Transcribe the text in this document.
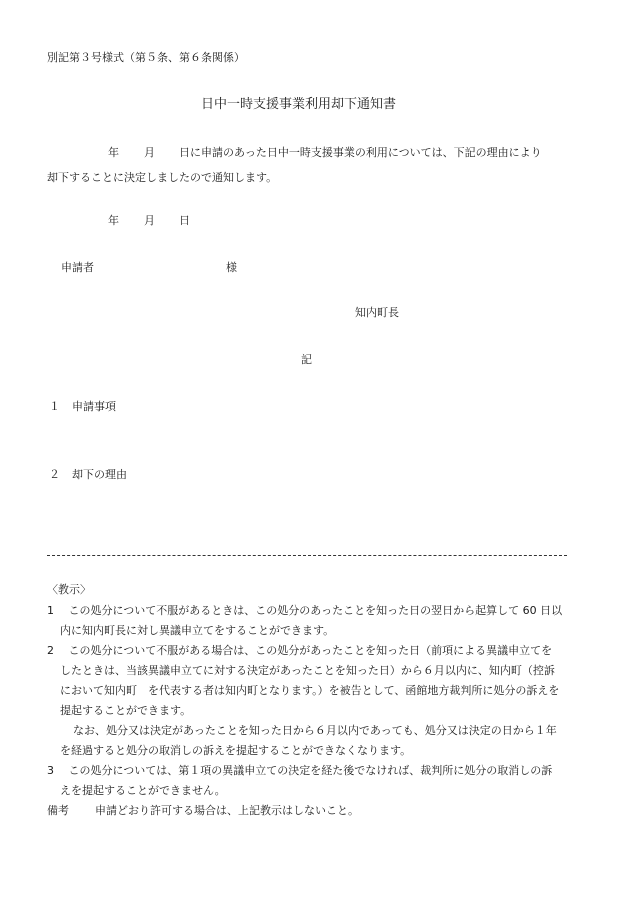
別記第３号様式（第５条、第６条関係）
日中一時支援事業利用却下通知書
年 月 日に申請のあった日中一時支援事業の利用については、下記の理由により
却下することに決定しましたので通知します。
年 月 日
申請者	様
知内町長
記
１ 申請事項
２ 却下の理由
〈教示〉
1　 この処分について不服があるときは、この処分のあったことを知った日の翌日から起算して 60 日以
内に知内町長に対し異議申立てをすることができます。
2　 この処分について不服がある場合は、この処分があったことを知った日（前項による異議申立てを
したときは、当該異議申立てに対する決定があったことを知った日）から６月以内に、知内町（控訴
において知内町　を代表する者は知内町となります。）を被告として、函館地方裁判所に処分の訴えを
提起することができます。
なお、処分又は決定があったことを知った日から６月以内であっても、処分又は決定の日から１年
を経過すると処分の取消しの訴えを提起することができなくなります。
3　 この処分については、第１項の異議申立ての決定を経た後でなければ、裁判所に処分の取消しの訴
えを提起することができません。
備考 申請どおり許可する場合は、上記教示はしないこと。
